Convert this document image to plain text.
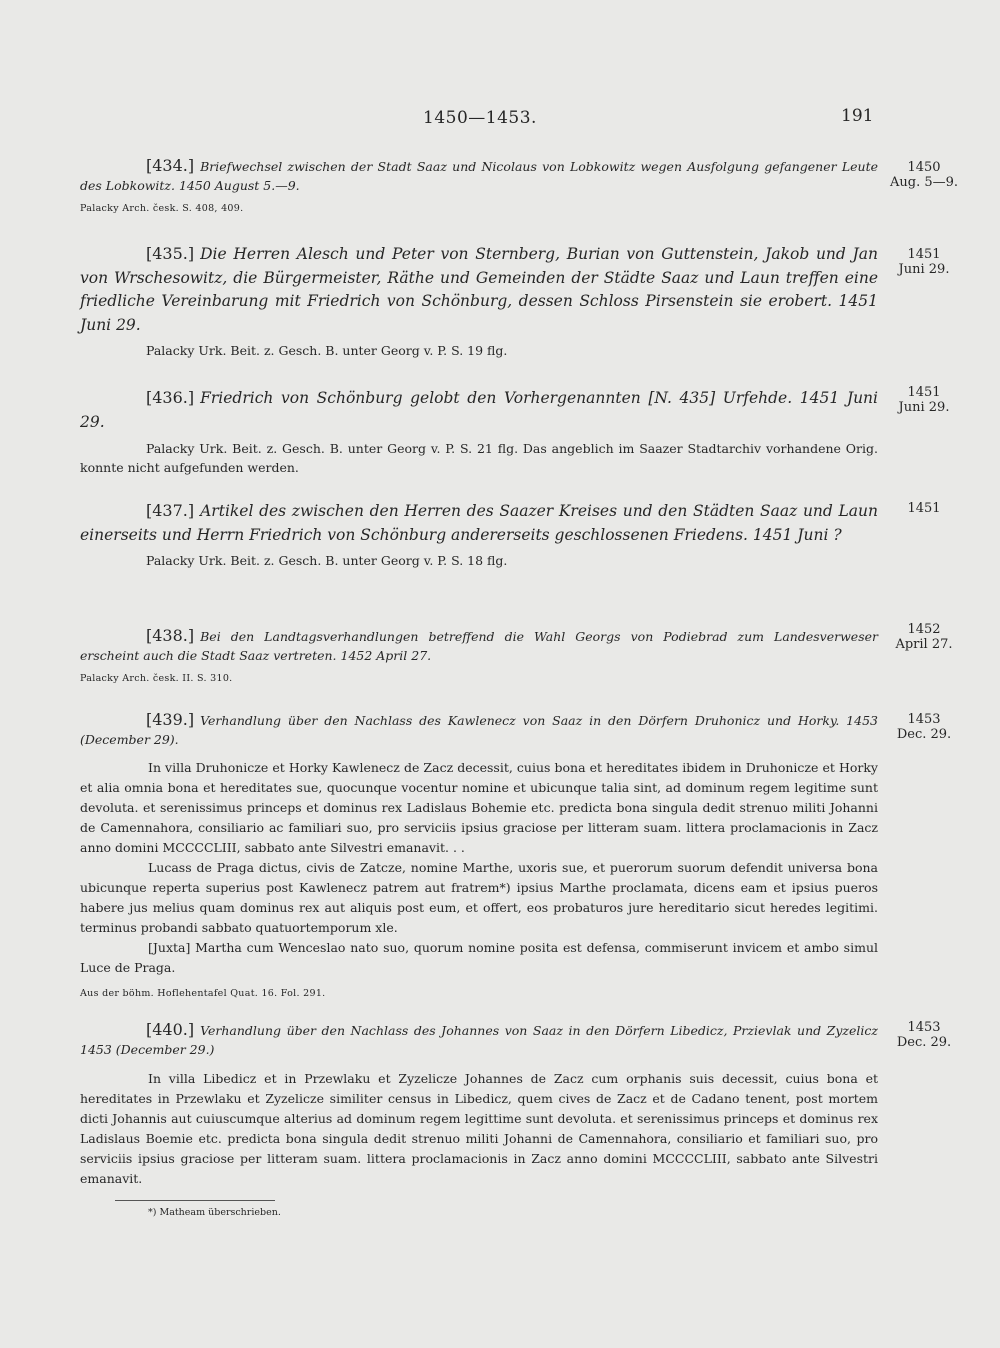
1450—1453.	191

[434.] Briefwechsel zwischen der Stadt Saaz und Nicolaus von Lobkowitz wegen Ausfolgung gefangener Leute des Lobkowitz. 1450 August 5.—9.

Palacky Arch. česk. S. 408, 409.

1450
Aug. 5—9.

[435.] Die Herren Alesch und Peter von Sternberg, Burian von Guttenstein, Jakob und Jan von Wrschesowitz, die Bürgermeister, Räthe und Gemeinden der Städte Saaz und Laun treffen eine friedliche Vereinbarung mit Friedrich von Schönburg, dessen Schloss Pirsenstein sie erobert. 1451 Juni 29.

Palacky Urk. Beit. z. Gesch. B. unter Georg v. P. S. 19 flg.

1451
Juni 29.

[436.] Friedrich von Schönburg gelobt den Vorhergenannten [N. 435] Urfehde. 1451 Juni 29.

Palacky Urk. Beit. z. Gesch. B. unter Georg v. P. S. 21 flg. Das angeblich im Saazer Stadtarchiv vorhandene Orig. konnte nicht aufgefunden werden.

1451
Juni 29.

[437.] Artikel des zwischen den Herren des Saazer Kreises und den Städten Saaz und Laun einerseits und Herrn Friedrich von Schönburg andererseits geschlossenen Friedens. 1451 Juni ?

Palacky Urk. Beit. z. Gesch. B. unter Georg v. P. S. 18 flg.

1451

[438.] Bei den Landtagsverhandlungen betreffend die Wahl Georgs von Podiebrad zum Landesverweser erscheint auch die Stadt Saaz vertreten. 1452 April 27.

Palacky Arch. česk. II. S. 310.

1452
April 27.

[439.] Verhandlung über den Nachlass des Kawlenecz von Saaz in den Dörfern Druhonicz und Horky. 1453 (December 29).

In villa Druhonicze et Horky Kawlenecz de Zacz decessit, cuius bona et hereditates ibidem in Druhonicze et Horky et alia omnia bona et hereditates sue, quocunque vocentur nomine et ubicunque talia sint, ad dominum regem legitime sunt devoluta. et serenissimus princeps et dominus rex Ladislaus Bohemie etc. predicta bona singula dedit strenuo militi Johanni de Camennahora, consiliario ac familiari suo, pro serviciis ipsius graciose per litteram suam. littera proclamacionis in Zacz anno domini MCCCCLIII, sabbato ante Silvestri emanavit. . .

Lucass de Praga dictus, civis de Zatcze, nomine Marthe, uxoris sue, et puerorum suorum defendit universa bona ubicunque reperta superius post Kawlenecz patrem aut fratrem*) ipsius Marthe proclamata, dicens eam et ipsius pueros habere jus melius quam dominus rex aut aliquis post eum, et offert, eos probaturos jure hereditario sicut heredes legitimi. terminus probandi sabbato quatuortemporum xle.

[Juxta] Martha cum Wenceslao nato suo, quorum nomine posita est defensa, commiserunt invicem et ambo simul Luce de Praga.

Aus der böhm. Hoflehentafel Quat. 16. Fol. 291.

1453
Dec. 29.

[440.] Verhandlung über den Nachlass des Johannes von Saaz in den Dörfern Libedicz, Przievlak und Zyzelicz 1453 (December 29.)

In villa Libedicz et in Przewlaku et Zyzelicze Johannes de Zacz cum orphanis suis decessit, cuius bona et hereditates in Przewlaku et Zyzelicze similiter census in Libedicz, quem cives de Zacz et de Cadano tenent, post mortem dicti Johannis aut cuiuscumque alterius ad dominum regem legittime sunt devoluta. et serenissimus princeps et dominus rex Ladislaus Boemie etc. predicta bona singula dedit strenuo militi Johanni de Camennahora, consiliario et familiari suo, pro serviciis ipsius graciose per litteram suam. littera proclamacionis in Zacz anno domini MCCCCLIII, sabbato ante Silvestri emanavit.

1453
Dec. 29.
*) Matheam überschrieben.
